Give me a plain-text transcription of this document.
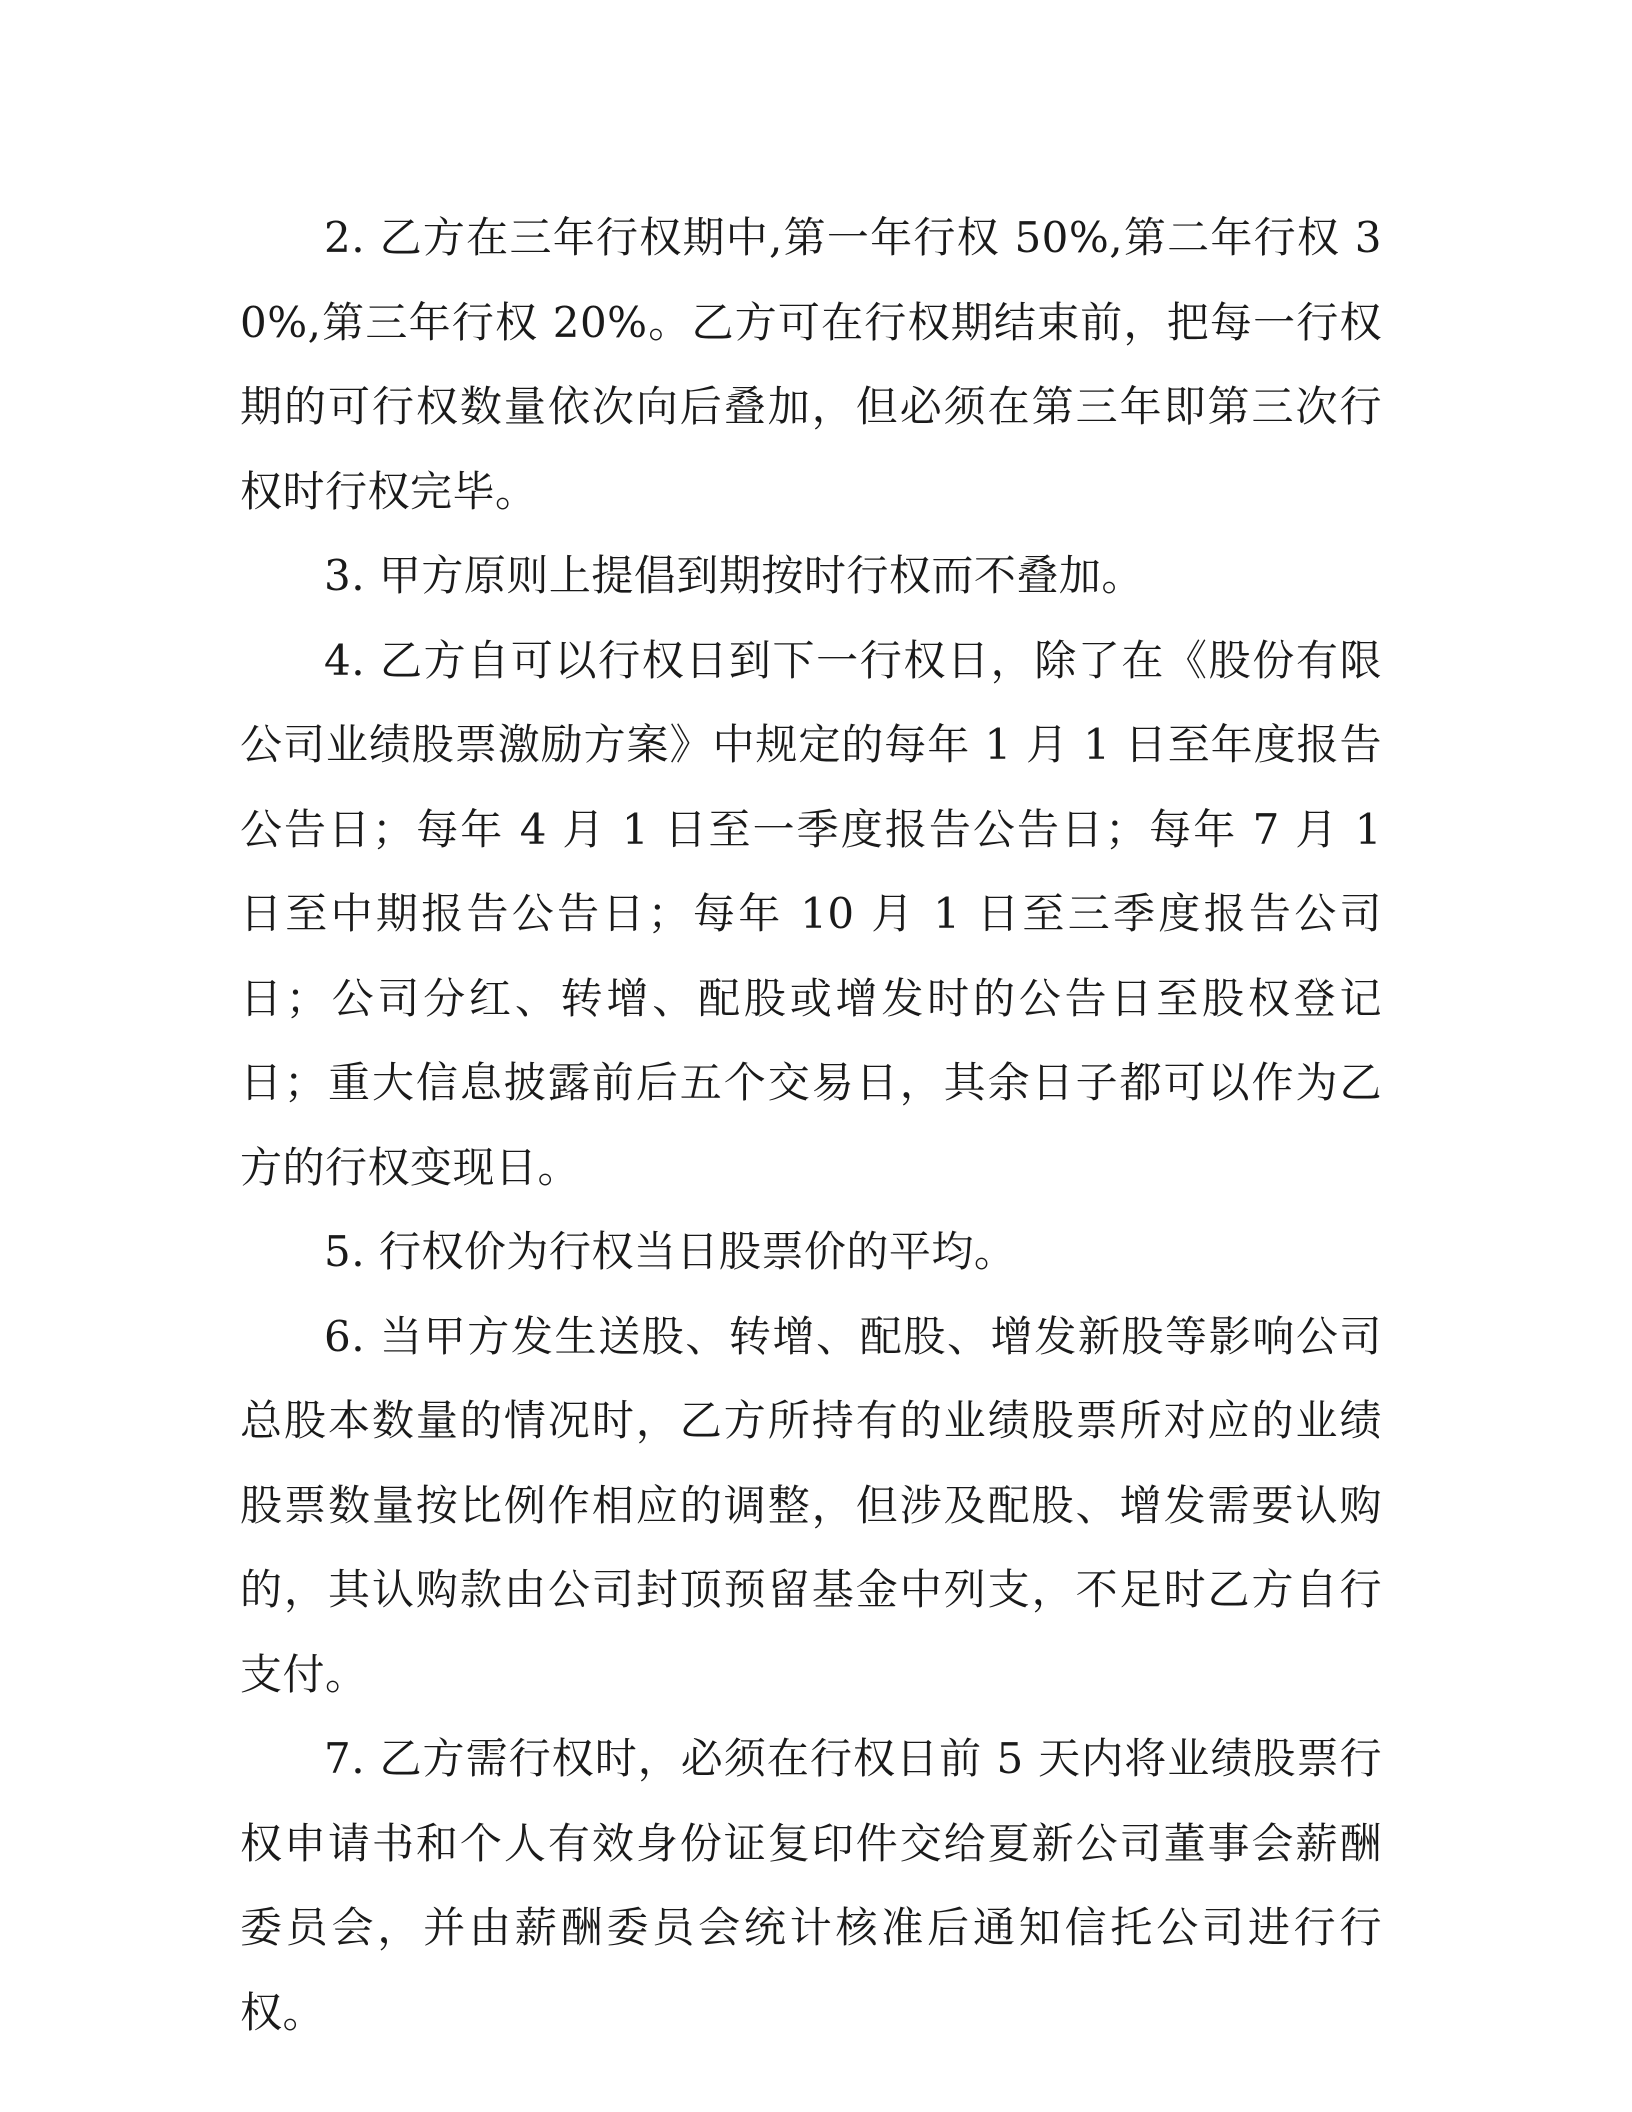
2. 乙方在三年行权期中,第一年行权 50%,第二年行权 30%,第三年行权 20%。乙方可在行权期结束前，把每一行权期的可行权数量依次向后叠加，但必须在第三年即第三次行权时行权完毕。

3. 甲方原则上提倡到期按时行权而不叠加。

4. 乙方自可以行权日到下一行权日，除了在《股份有限公司业绩股票激励方案》中规定的每年 1 月 1 日至年度报告公告日；每年 4 月 1 日至一季度报告公告日；每年 7 月 1 日至中期报告公告日；每年 10 月 1 日至三季度报告公司日；公司分红、转增、配股或增发时的公告日至股权登记日；重大信息披露前后五个交易日，其余日子都可以作为乙方的行权变现日。

5. 行权价为行权当日股票价的平均。

6. 当甲方发生送股、转增、配股、增发新股等影响公司总股本数量的情况时，乙方所持有的业绩股票所对应的业绩股票数量按比例作相应的调整，但涉及配股、增发需要认购的，其认购款由公司封顶预留基金中列支，不足时乙方自行支付。

7. 乙方需行权时，必须在行权日前 5 天内将业绩股票行权申请书和个人有效身份证复印件交给夏新公司董事会薪酬委员会，并由薪酬委员会统计核准后通知信托公司进行行权。
